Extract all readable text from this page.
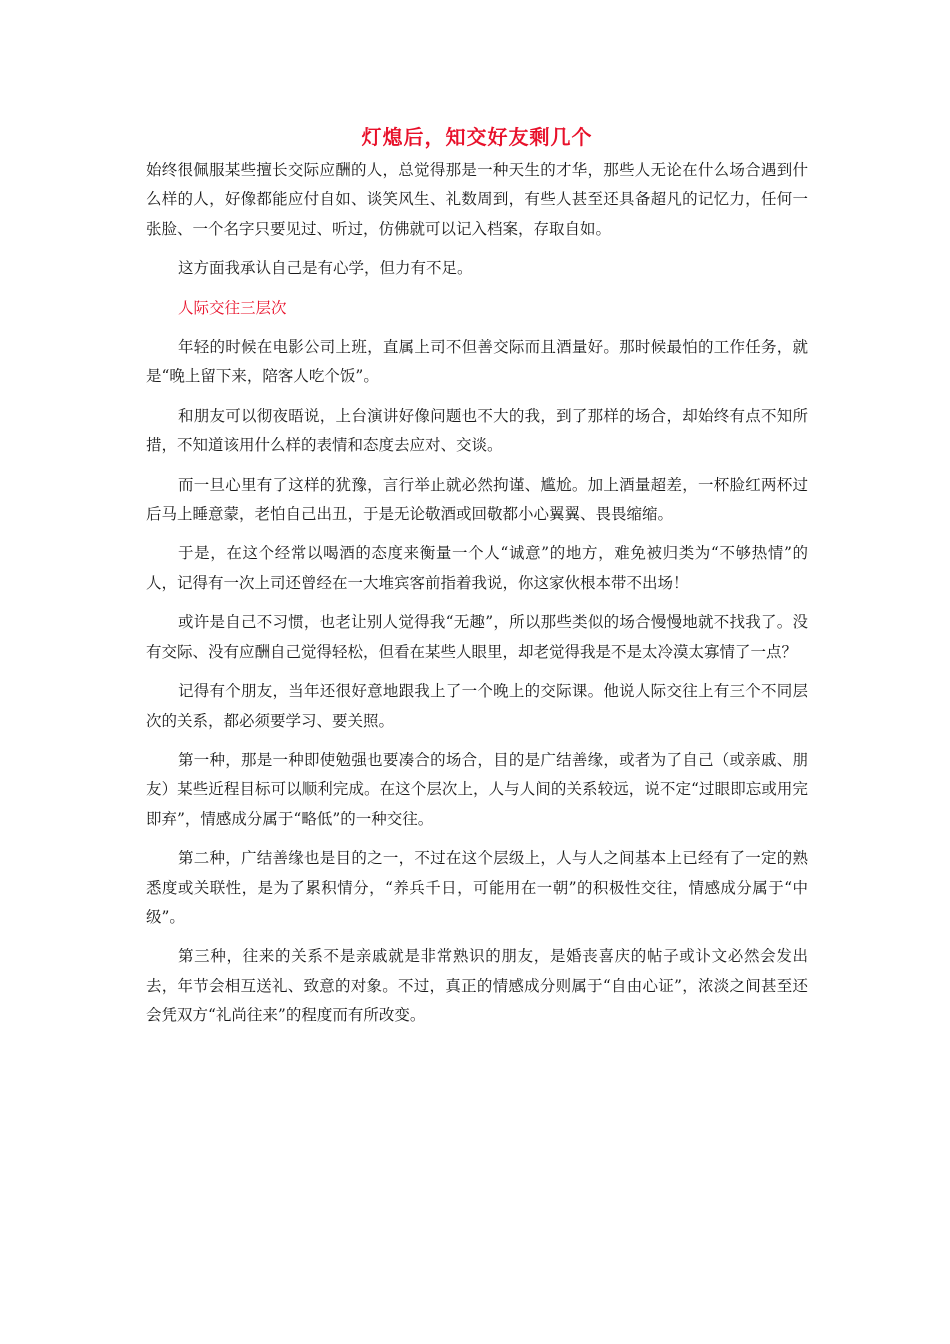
灯熄后，知交好友剩几个

始终很佩服某些擅长交际应酬的人，总觉得那是一种天生的才华，那些人无论在什么场合遇到什么样的人，好像都能应付自如、谈笑风生、礼数周到，有些人甚至还具备超凡的记忆力，任何一张脸、一个名字只要见过、听过，仿佛就可以记入档案，存取自如。

这方面我承认自己是有心学，但力有不足。

人际交往三层次

年轻的时候在电影公司上班，直属上司不但善交际而且酒量好。那时候最怕的工作任务，就是“晚上留下来，陪客人吃个饭”。

和朋友可以彻夜晤说，上台演讲好像问题也不大的我，到了那样的场合，却始终有点不知所措，不知道该用什么样的表情和态度去应对、交谈。

而一旦心里有了这样的犹豫，言行举止就必然拘谨、尴尬。加上酒量超差，一杯脸红两杯过后马上睡意蒙，老怕自己出丑，于是无论敬酒或回敬都小心翼翼、畏畏缩缩。

于是，在这个经常以喝酒的态度来衡量一个人“诚意”的地方，难免被归类为“不够热情”的人，记得有一次上司还曾经在一大堆宾客前指着我说，你这家伙根本带不出场！

或许是自己不习惯，也老让别人觉得我“无趣”，所以那些类似的场合慢慢地就不找我了。没有交际、没有应酬自己觉得轻松，但看在某些人眼里，却老觉得我是不是太冷漠太寡情了一点？

记得有个朋友，当年还很好意地跟我上了一个晚上的交际课。他说人际交往上有三个不同层次的关系，都必须要学习、要关照。

第一种，那是一种即使勉强也要凑合的场合，目的是广结善缘，或者为了自己（或亲戚、朋友）某些近程目标可以顺利完成。在这个层次上，人与人间的关系较远，说不定“过眼即忘或用完即弃”，情感成分属于“略低”的一种交往。

第二种，广结善缘也是目的之一，不过在这个层级上，人与人之间基本上已经有了一定的熟悉度或关联性，是为了累积情分，“养兵千日，可能用在一朝”的积极性交往，情感成分属于“中级”。

第三种，往来的关系不是亲戚就是非常熟识的朋友，是婚丧喜庆的帖子或讣文必然会发出去，年节会相互送礼、致意的对象。不过，真正的情感成分则属于“自由心证”，浓淡之间甚至还会凭双方“礼尚往来”的程度而有所改变。
